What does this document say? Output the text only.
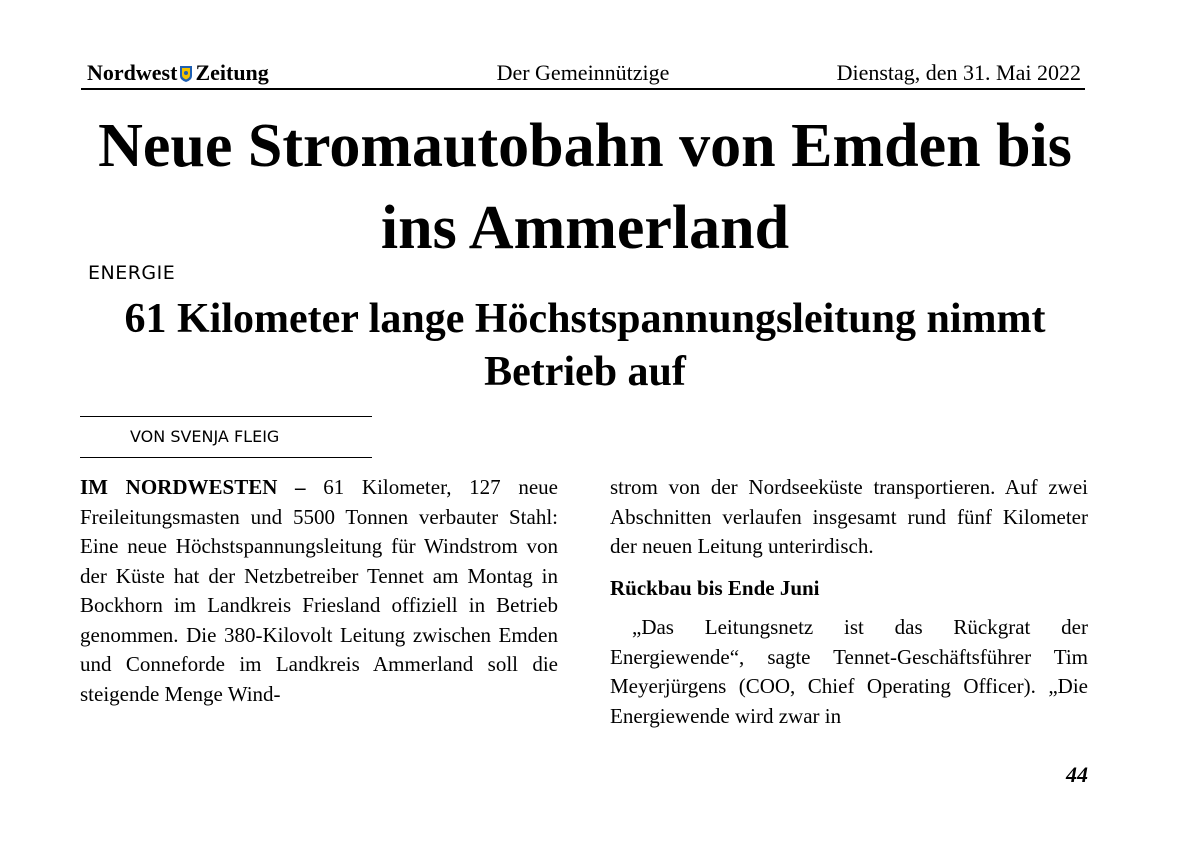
Nordwest Zeitung	Der Gemeinnützige	Dienstag, den 31. Mai 2022
Neue Stromautobahn von Emden bis ins Ammerland
ENERGIE
61 Kilometer lange Höchstspannungsleitung nimmt Betrieb auf
VON SVENJA FLEIG

IM NORDWESTEN – 61 Kilometer, 127 neue Freileitungsmasten und 5500 Tonnen verbauter Stahl: Eine neue Höchstspannungsleitung für Windstrom von der Küste hat der Netzbetreiber Tennet am Montag in Bockhorn im Landkreis Friesland offiziell in Betrieb genommen. Die 380-Kilovolt Leitung zwischen Emden und Conneforde im Landkreis Ammerland soll die steigende Menge Wind-

strom von der Nordseeküste transportieren. Auf zwei Abschnitten verlaufen insgesamt rund fünf Kilometer der neuen Leitung unterirdisch.

Rückbau bis Ende Juni

„Das Leitungsnetz ist das Rückgrat der Energiewende“, sagte Tennet-Geschäftsführer Tim Meyerjürgens (COO, Chief Operating Officer). „Die Energiewende wird zwar in

44
